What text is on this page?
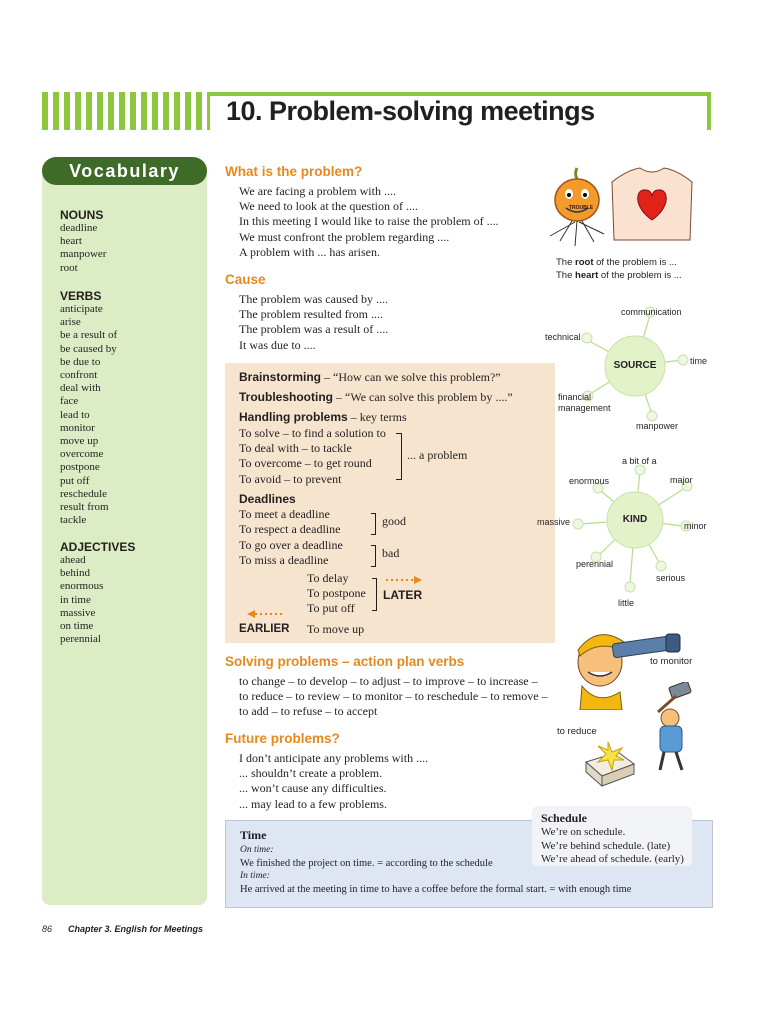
10. Problem-solving meetings
Vocabulary
NOUNS
deadline
heart
manpower
root
VERBS
anticipate
arise
be a result of
be caused by
be due to
confront
deal with
face
lead to
monitor
move up
overcome
postpone
put off
reschedule
result from
tackle
ADJECTIVES
ahead
behind
enormous
in time
massive
on time
perennial
What is the problem?
We are facing a problem with ....
We need to look at the question of ....
In this meeting I would like to raise the problem of ....
We must confront the problem regarding ....
A problem with ... has arisen.
Cause
The problem was caused by ....
The problem resulted from ....
The problem was a result of ....
It was due to ....
Brainstorming – “How can we solve this problem?”
Troubleshooting – “We can solve this problem by ....”
Handling problems – key terms
To solve – to find a solution to
To deal with – to tackle
To overcome – to get round
To avoid – to prevent
... a problem
Deadlines
To meet a deadline
To respect a deadline
good
To go over a deadline
To miss a deadline
bad
To delay
To postpone
To put off
LATER
EARLIER To move up
Solving problems – action plan verbs
to change – to develop – to adjust – to improve – to increase –
to reduce – to review – to monitor – to reschedule – to remove –
to add – to refuse – to accept
Future problems?
I don’t anticipate any problems with ....
... shouldn’t create a problem.
... won’t cause any difficulties.
... may lead to a few problems.
TROUBLE
The root of the problem is ...
The heart of the problem is ...
SOURCE
communication
technical
time
financial management
manpower
KIND
a bit of a
enormous	major
massive	minor
perennial
serious
little
to monitor
to reduce
Schedule
We’re on schedule.
We’re behind schedule. (late)
We’re ahead of schedule. (early)
Time
On time:
We finished the project on time. = according to the schedule
In time:
He arrived at the meeting in time to have a coffee before the formal start. = with enough time
86 Chapter 3. English for Meetings
